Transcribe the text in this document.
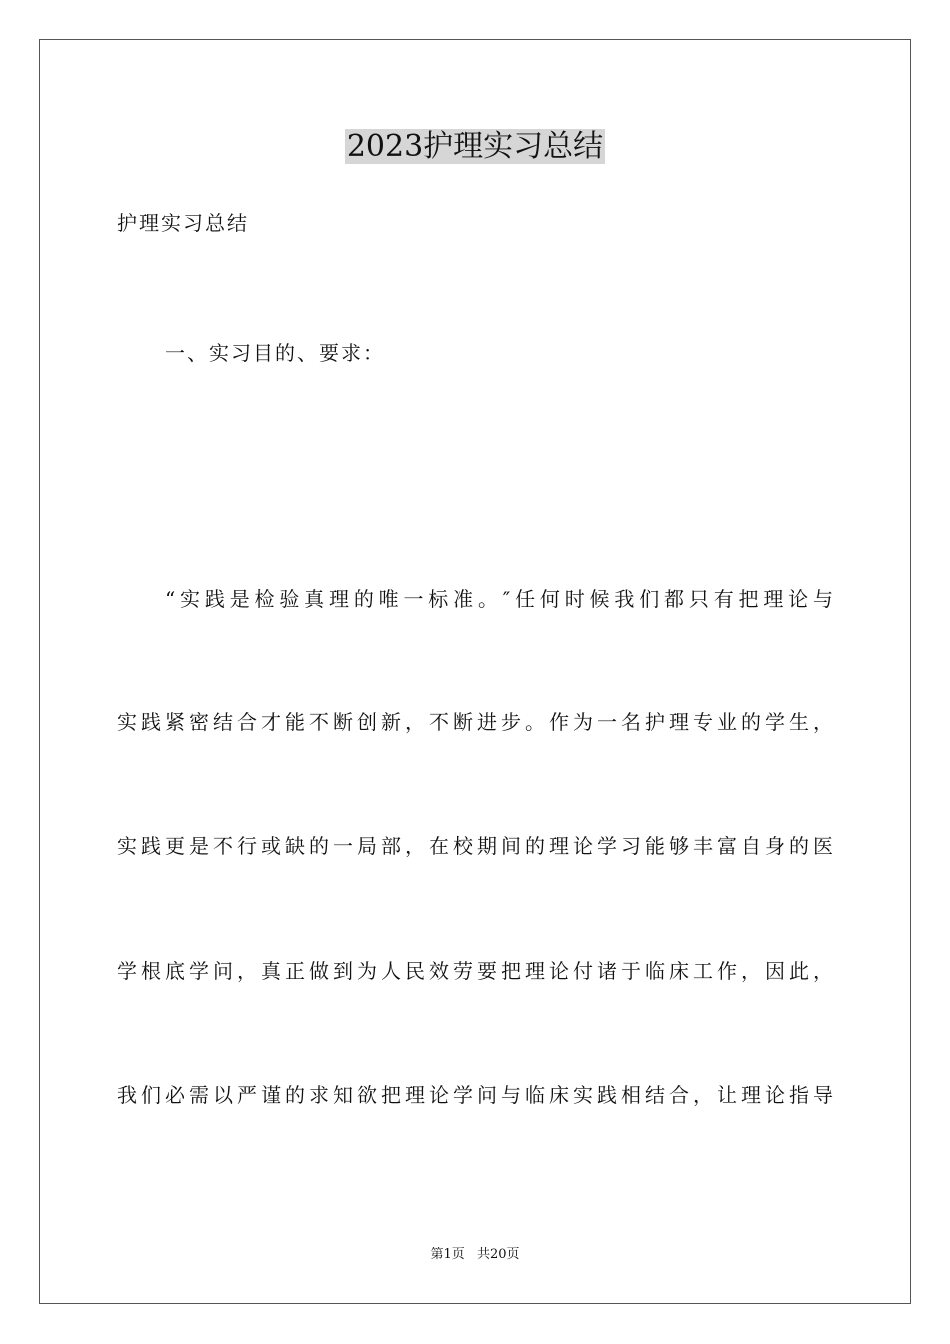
2023护理实习总结
护理实习总结
一、实习目的、要求：
“实践是检验真理的唯一标准。″任何时候我们都只有把理论与
实践紧密结合才能不断创新，不断进步。作为一名护理专业的学生，
实践更是不行或缺的一局部，在校期间的理论学习能够丰富自身的医
学根底学问，真正做到为人民效劳要把理论付诸于临床工作，因此，
我们必需以严谨的求知欲把理论学问与临床实践相结合，让理论指导
第1页 共20页
